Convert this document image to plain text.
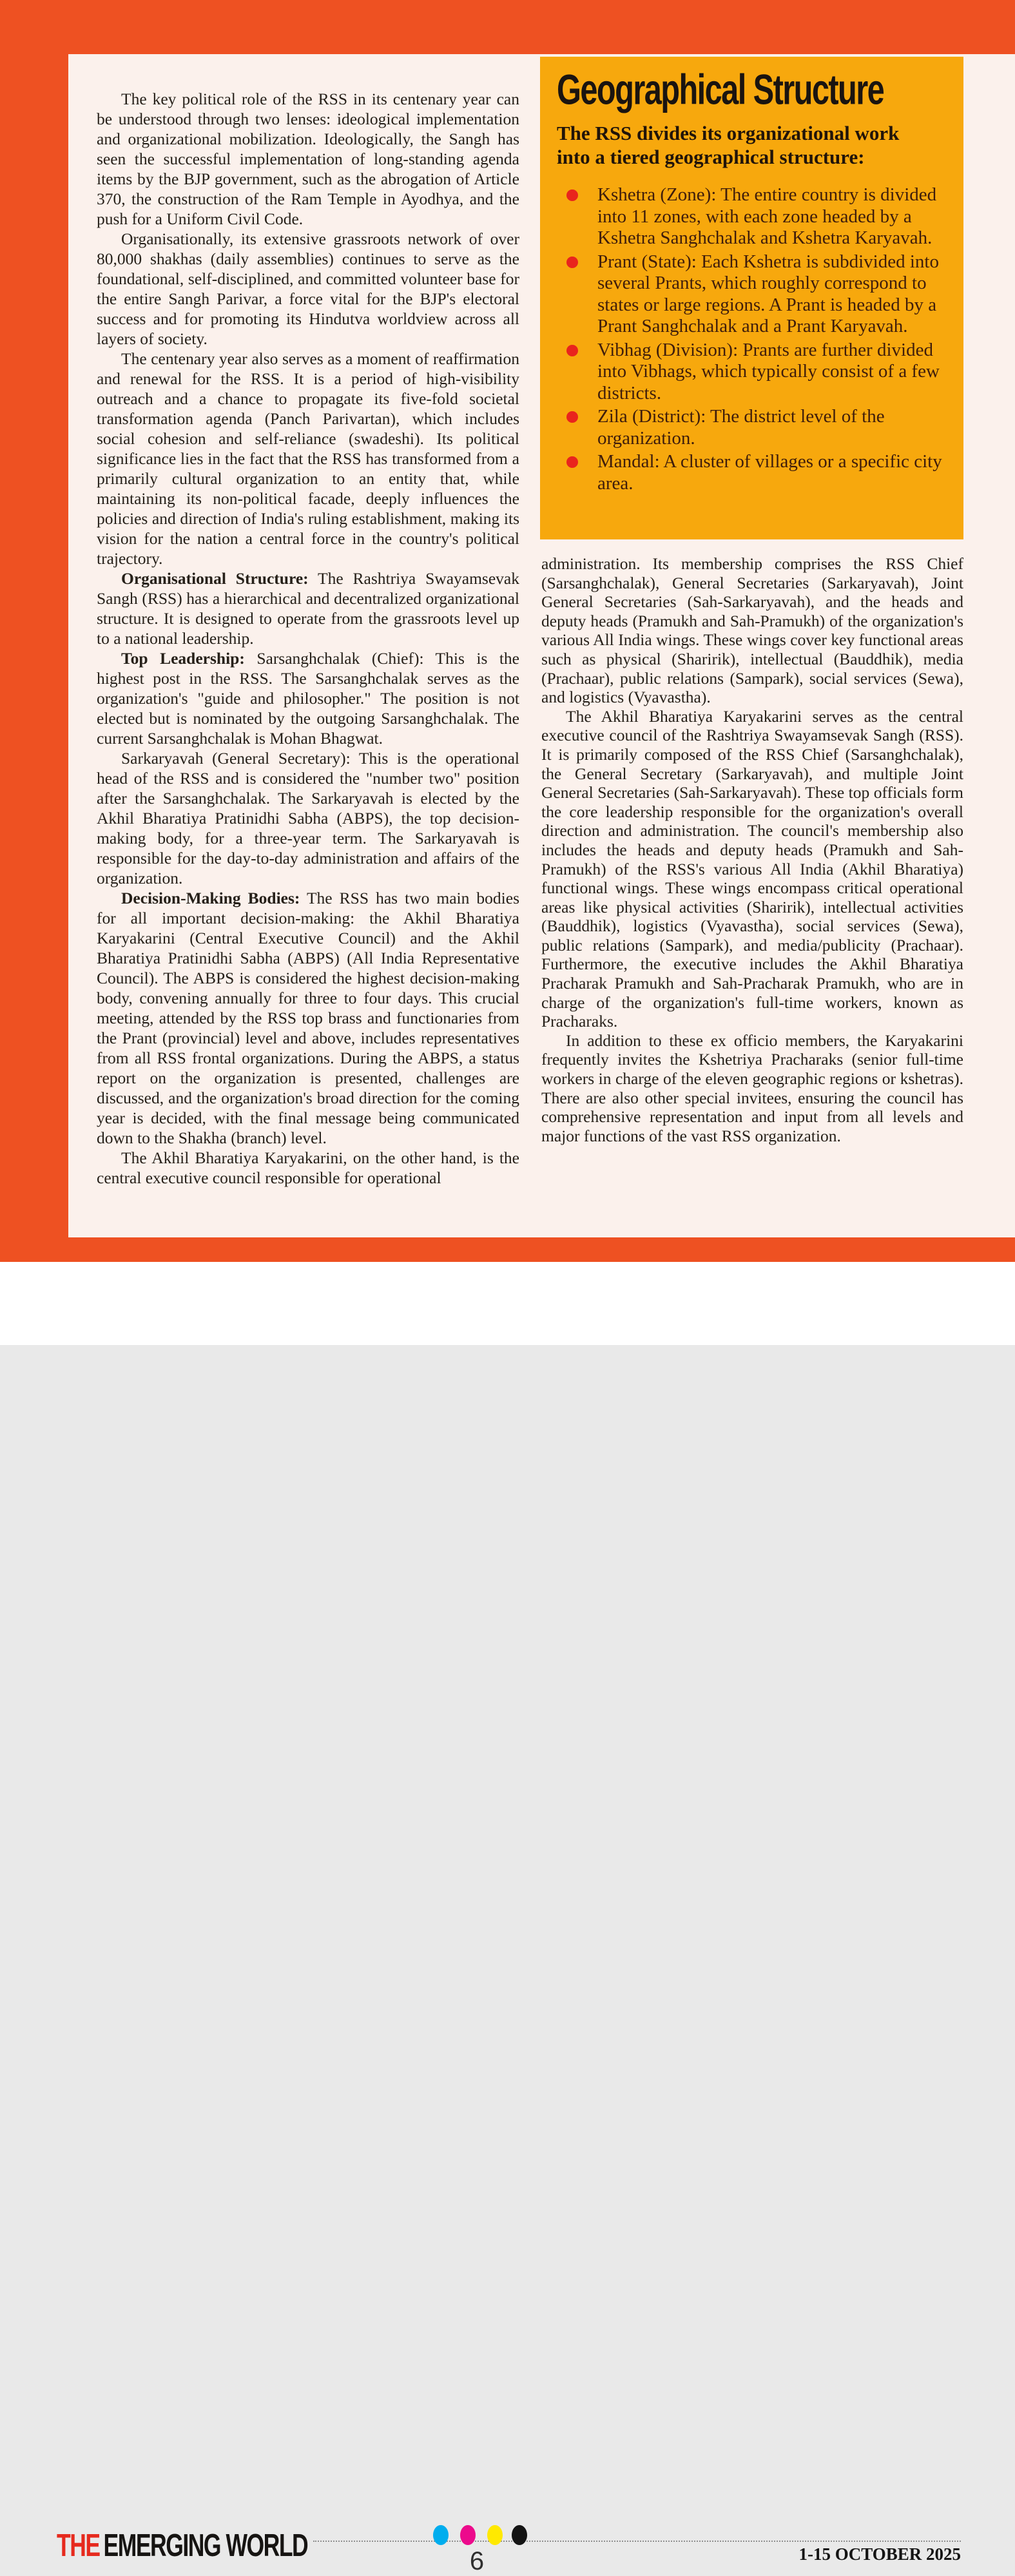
The key political role of the RSS in its centenary year can be understood through two lenses: ideological implementation and organizational mobilization. Ideologically, the Sangh has seen the successful implementation of long-standing agenda items by the BJP government, such as the abrogation of Article 370, the construction of the Ram Temple in Ayodhya, and the push for a Uniform Civil Code.

Organisationally, its extensive grassroots network of over 80,000 shakhas (daily assemblies) continues to serve as the foundational, self-disciplined, and committed volunteer base for the entire Sangh Parivar, a force vital for the BJP's electoral success and for promoting its Hindutva worldview across all layers of society.

The centenary year also serves as a moment of reaffirmation and renewal for the RSS. It is a period of high-visibility outreach and a chance to propagate its five-fold societal transformation agenda (Panch Parivartan), which includes social cohesion and self-reliance (swadeshi). Its political significance lies in the fact that the RSS has transformed from a primarily cultural organization to an entity that, while maintaining its non-political facade, deeply influences the policies and direction of India's ruling establishment, making its vision for the nation a central force in the country's political trajectory.

Organisational Structure: The Rashtriya Swayamsevak Sangh (RSS) has a hierarchical and decentralized organizational structure. It is designed to operate from the grassroots level up to a national leadership.

Top Leadership: Sarsanghchalak (Chief): This is the highest post in the RSS. The Sarsanghchalak serves as the organization's "guide and philosopher." The position is not elected but is nominated by the outgoing Sarsanghchalak. The current Sarsanghchalak is Mohan Bhagwat.

Sarkaryavah (General Secretary): This is the operational head of the RSS and is considered the "number two" position after the Sarsanghchalak. The Sarkaryavah is elected by the Akhil Bharatiya Pratinidhi Sabha (ABPS), the top decision-making body, for a three-year term. The Sarkaryavah is responsible for the day-to-day administration and affairs of the organization.

Decision-Making Bodies: The RSS has two main bodies for all important decision-making: the Akhil Bharatiya Karyakarini (Central Executive Council) and the Akhil Bharatiya Pratinidhi Sabha (ABPS) (All India Representative Council). The ABPS is considered the highest decision-making body, convening annually for three to four days. This crucial meeting, attended by the RSS top brass and functionaries from the Prant (provincial) level and above, includes representatives from all RSS frontal organizations. During the ABPS, a status report on the organization is presented, challenges are discussed, and the organization's broad direction for the coming year is decided, with the final message being communicated down to the Shakha (branch) level.

The Akhil Bharatiya Karyakarini, on the other hand, is the central executive council responsible for operational

Geographical Structure

The RSS divides its organizational work into a tiered geographical structure:

Kshetra (Zone): The entire country is divided into 11 zones, with each zone headed by a Kshetra Sanghchalak and Kshetra Karyavah.
Prant (State): Each Kshetra is subdivided into several Prants, which roughly correspond to states or large regions. A Prant is headed by a Prant Sanghchalak and a Prant Karyavah.
Vibhag (Division): Prants are further divided into Vibhags, which typically consist of a few districts.
Zila (District): The district level of the organization.
Mandal: A cluster of villages or a specific city area.

administration. Its membership comprises the RSS Chief (Sarsanghchalak), General Secretaries (Sarkaryavah), Joint General Secretaries (Sah-Sarkaryavah), and the heads and deputy heads (Pramukh and Sah-Pramukh) of the organization's various All India wings. These wings cover key functional areas such as physical (Sharirik), intellectual (Bauddhik), media (Prachaar), public relations (Sampark), social services (Sewa), and logistics (Vyavastha).

The Akhil Bharatiya Karyakarini serves as the central executive council of the Rashtriya Swayamsevak Sangh (RSS). It is primarily composed of the RSS Chief (Sarsanghchalak), the General Secretary (Sarkaryavah), and multiple Joint General Secretaries (Sah-Sarkaryavah). These top officials form the core leadership responsible for the organization's overall direction and administration. The council's membership also includes the heads and deputy heads (Pramukh and Sah-Pramukh) of the RSS's various All India (Akhil Bharatiya) functional wings. These wings encompass critical operational areas like physical activities (Sharirik), intellectual activities (Bauddhik), logistics (Vyavastha), social services (Sewa), public relations (Sampark), and media/publicity (Prachaar). Furthermore, the executive includes the Akhil Bharatiya Pracharak Pramukh and Sah-Pracharak Pramukh, who are in charge of the organization's full-time workers, known as Pracharaks.

In addition to these ex officio members, the Karyakarini frequently invites the Kshetriya Pracharaks (senior full-time workers in charge of the eleven geographic regions or kshetras). There are also other special invitees, ensuring the council has comprehensive representation and input from all levels and major functions of the vast RSS organization.

THE EMERGING WORLD	6	1-15 OCTOBER 2025
